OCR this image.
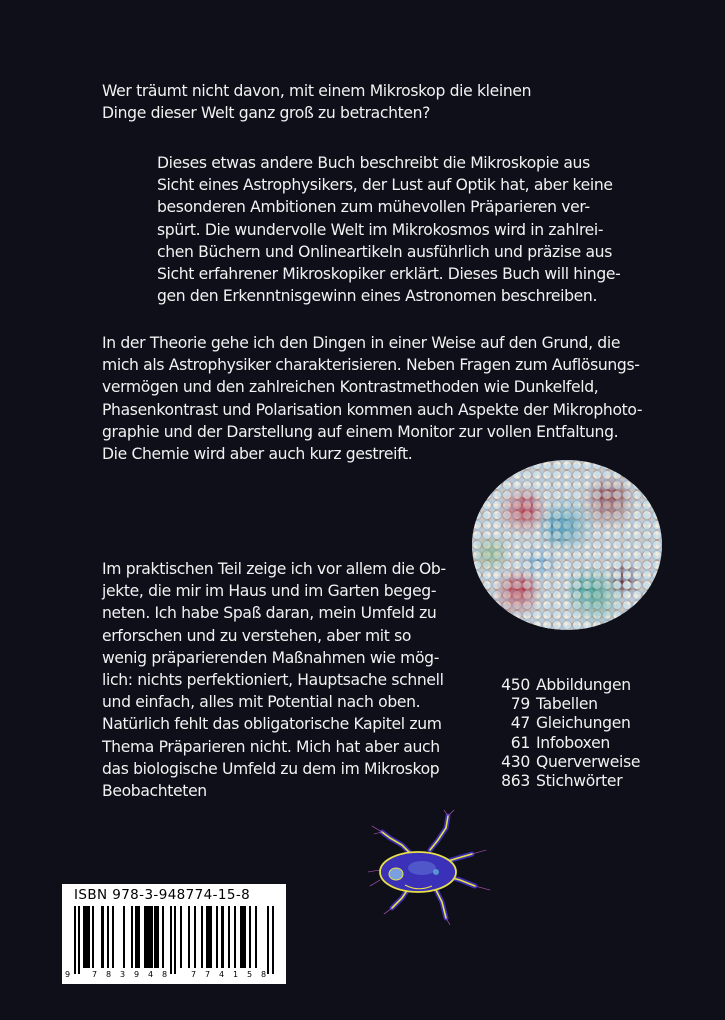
Wer träumt nicht davon, mit einem Mikroskop die kleinen
Dinge dieser Welt ganz groß zu betrachten?
Dieses etwas andere Buch beschreibt die Mikroskopie aus
Sicht eines Astrophysikers, der Lust auf Optik hat, aber keine
besonderen Ambitionen zum mühevollen Präparieren ver-
spürt. Die wundervolle Welt im Mikrokosmos wird in zahlrei-
chen Büchern und Onlineartikeln ausführlich und präzise aus
Sicht erfahrener Mikroskopiker erklärt. Dieses Buch will hinge-
gen den Erkenntnisgewinn eines Astronomen beschreiben.
In der Theorie gehe ich den Dingen in einer Weise auf den Grund, die
mich als Astrophysiker charakterisieren. Neben Fragen zum Auflösungs-
vermögen und den zahlreichen Kontrastmethoden wie Dunkelfeld,
Phasenkontrast und Polarisation kommen auch Aspekte der Mikrophoto-
graphie und der Darstellung auf einem Monitor zur vollen Entfaltung.
Die Chemie wird aber auch kurz gestreift.
Im praktischen Teil zeige ich vor allem die Ob-
jekte, die mir im Haus und im Garten begeg-
neten. Ich habe Spaß daran, mein Umfeld zu
erforschen und zu verstehen, aber mit so
wenig präparierenden Maßnahmen wie mög-
lich: nichts perfektioniert, Hauptsache schnell
und einfach, alles mit Potential nach oben.
Natürlich fehlt das obligatorische Kapitel zum
Thema Präparieren nicht. Mich hat aber auch
das biologische Umfeld zu dem im Mikroskop
Beobachteten
450 Abbildungen
79 Tabellen
47 Gleichungen
61 Infoboxen
430 Querverweise
863 Stichwörter
ISBN 978-3-948774-15-8
9	7 8 3 9 4 8	7 7 4 1 5 8
